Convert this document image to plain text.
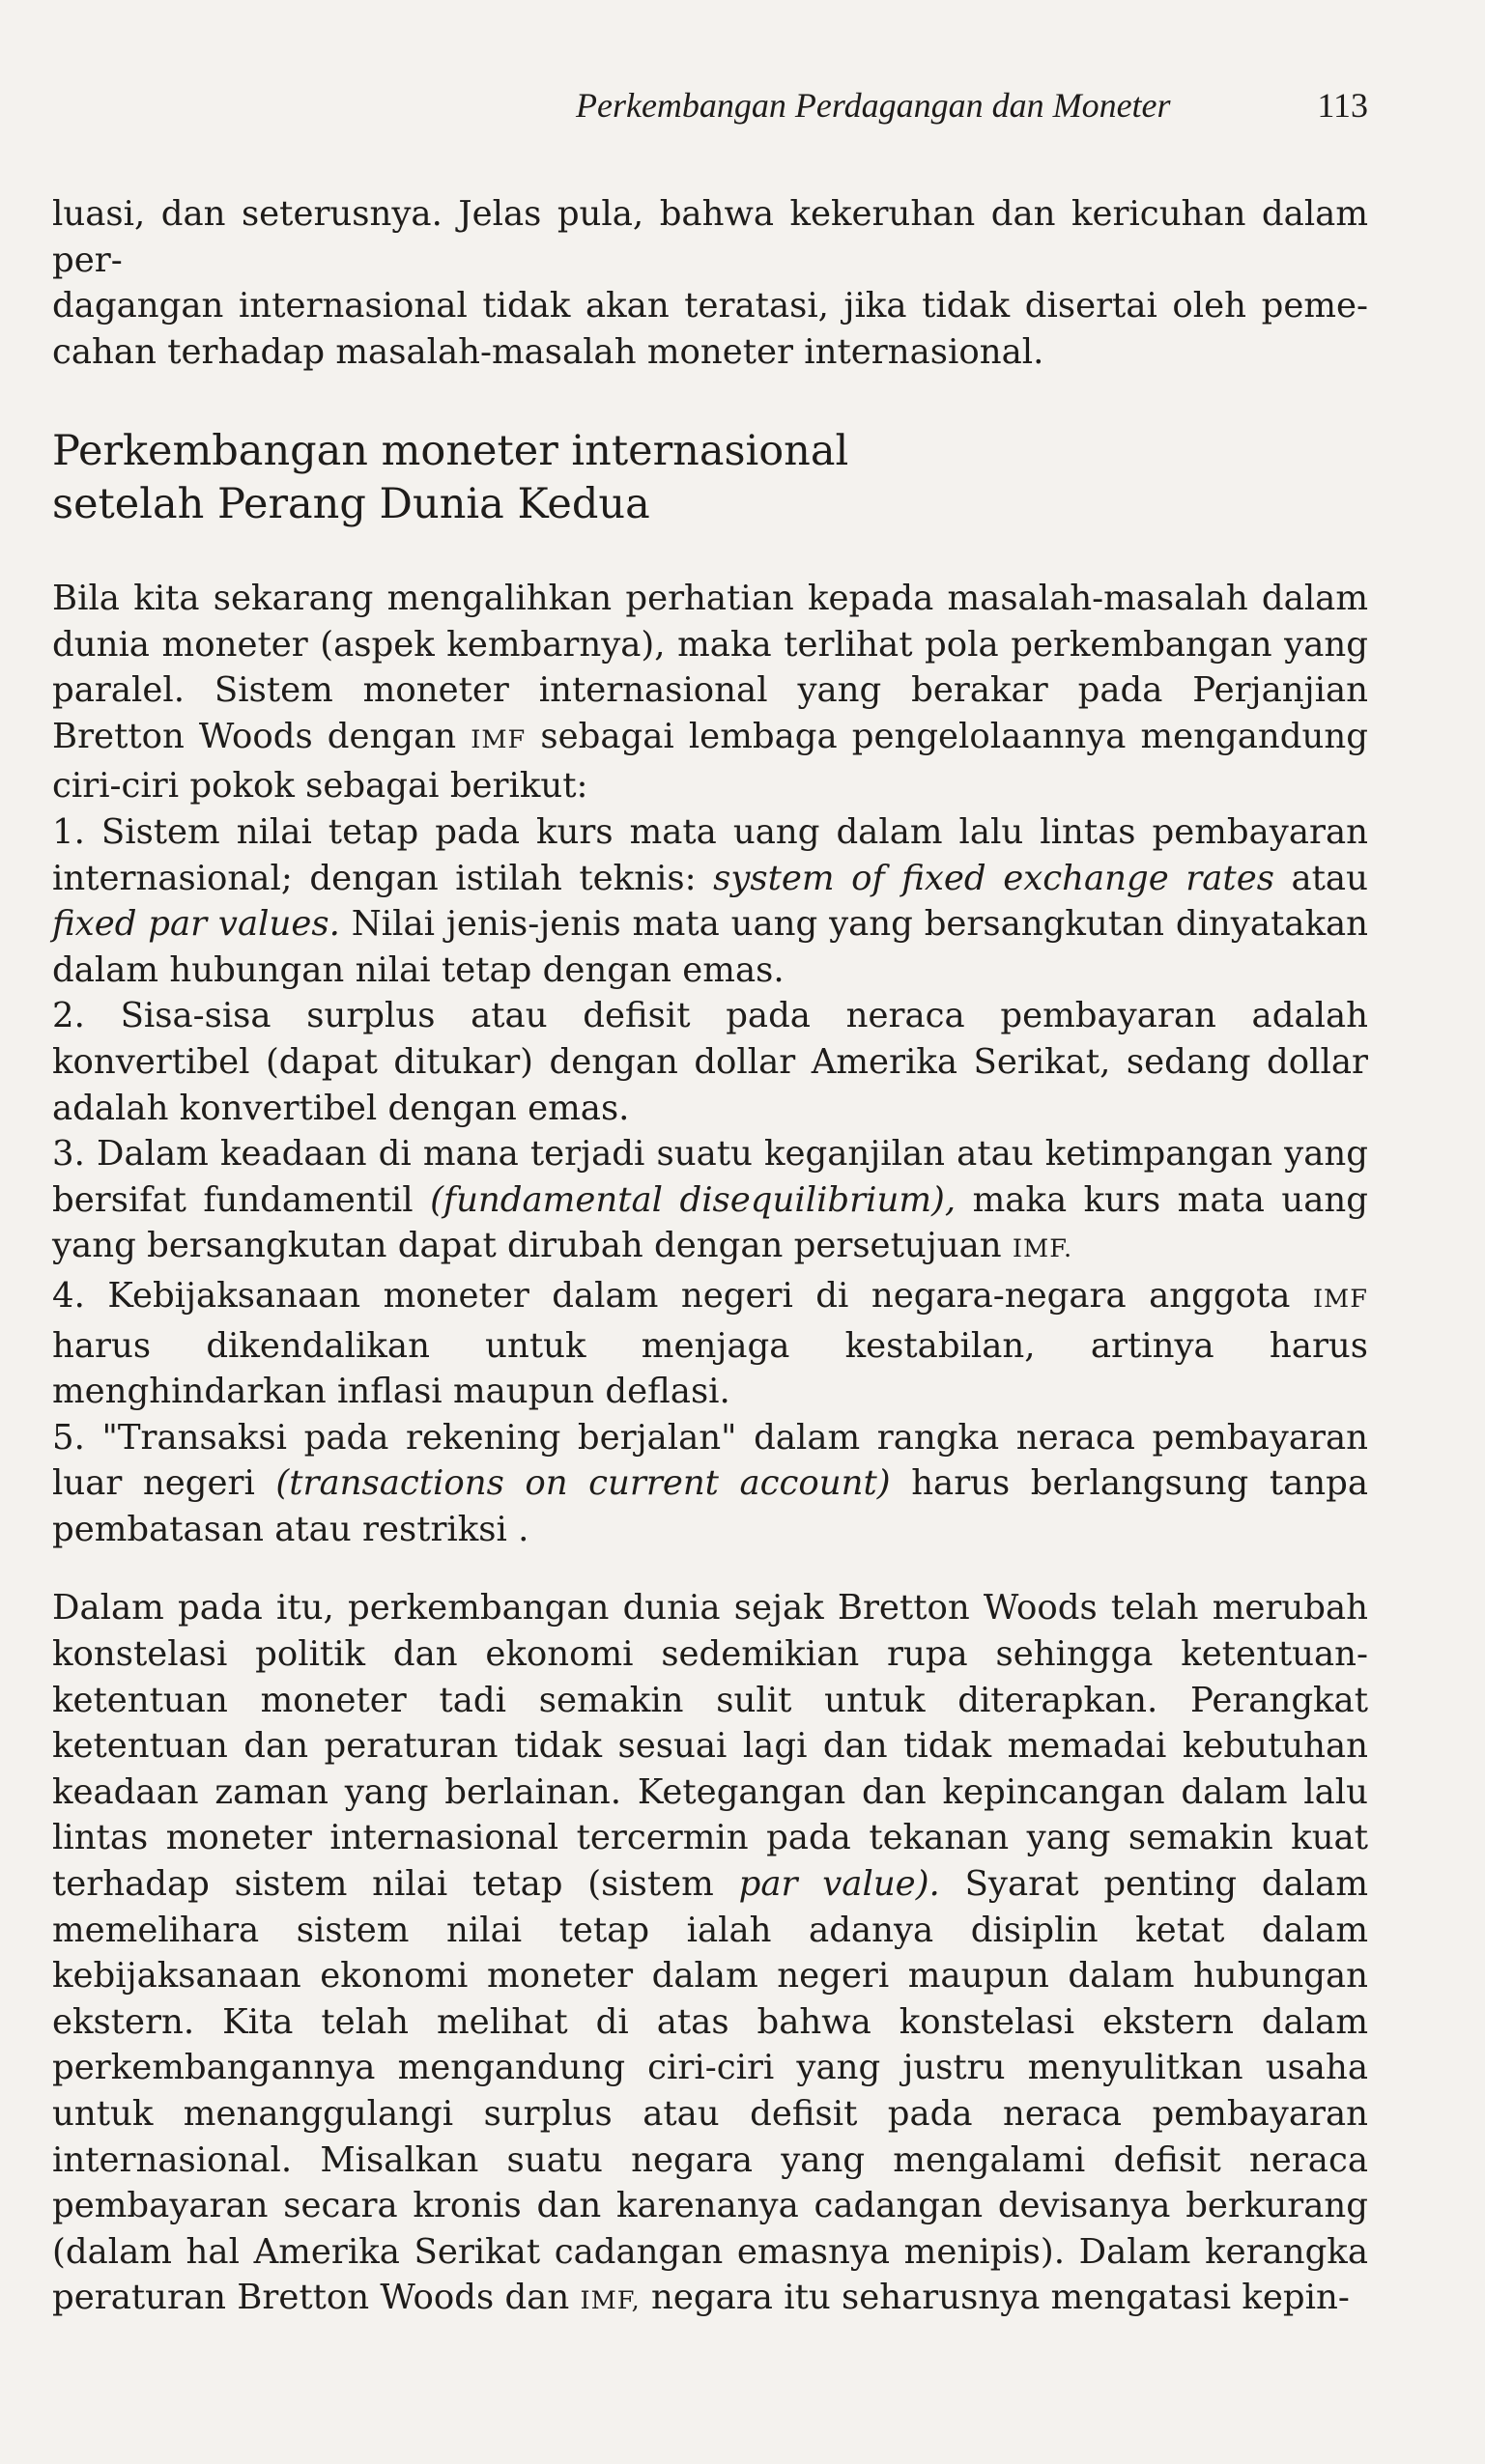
Perkembangan Perdagangan dan Moneter	113

luasi, dan seterusnya. Jelas pula, bahwa kekeruhan dan kericuhan dalam per-

dagangan internasional tidak akan teratasi, jika tidak disertai oleh peme-

cahan terhadap masalah-masalah moneter internasional.

Perkembangan moneter internasional
setelah Perang Dunia Kedua

Bila kita sekarang mengalihkan perhatian kepada masalah-masalah dalam dunia moneter (aspek kembarnya), maka terlihat pola perkembangan yang paralel. Sistem moneter internasional yang berakar pada Perjanjian Bretton Woods dengan IMF sebagai lembaga pengelolaannya mengandung ciri-ciri pokok sebagai berikut:

1. Sistem nilai tetap pada kurs mata uang dalam lalu lintas pembayaran internasional; dengan istilah teknis: system of fixed exchange rates atau fixed par values. Nilai jenis-jenis mata uang yang bersangkutan dinyatakan dalam hubungan nilai tetap dengan emas.

2. Sisa-sisa surplus atau defisit pada neraca pembayaran adalah konvertibel (dapat ditukar) dengan dollar Amerika Serikat, sedang dollar adalah konvertibel dengan emas.

3. Dalam keadaan di mana terjadi suatu keganjilan atau ketimpangan yang bersifat fundamentil (fundamental disequilibrium), maka kurs mata uang yang bersangkutan dapat dirubah dengan persetujuan IMF.

4. Kebijaksanaan moneter dalam negeri di negara-negara anggota IMF harus dikendalikan untuk menjaga kestabilan, artinya harus menghindarkan inflasi maupun deflasi.

5. "Transaksi pada rekening berjalan" dalam rangka neraca pembayaran luar negeri (transactions on current account) harus berlangsung tanpa pembatasan atau restriksi .

Dalam pada itu, perkembangan dunia sejak Bretton Woods telah merubah konstelasi politik dan ekonomi sedemikian rupa sehingga ketentuan-ketentuan moneter tadi semakin sulit untuk diterapkan. Perangkat ketentuan dan peraturan tidak sesuai lagi dan tidak memadai kebutuhan keadaan zaman yang berlainan. Ketegangan dan kepincangan dalam lalu lintas moneter internasional tercermin pada tekanan yang semakin kuat terhadap sistem nilai tetap (sistem par value). Syarat penting dalam memelihara sistem nilai tetap ialah adanya disiplin ketat dalam kebijaksanaan ekonomi moneter dalam negeri maupun dalam hubungan ekstern. Kita telah melihat di atas bahwa konstelasi ekstern dalam perkembangannya mengandung ciri-ciri yang justru menyulitkan usaha untuk menanggulangi surplus atau defisit pada neraca pembayaran internasional. Misalkan suatu negara yang mengalami defisit neraca pembayaran secara kronis dan karenanya cadangan devisanya berkurang (dalam hal Amerika Serikat cadangan emasnya menipis). Dalam kerangka peraturan Bretton Woods dan IMF, negara itu seharusnya mengatasi kepin-
